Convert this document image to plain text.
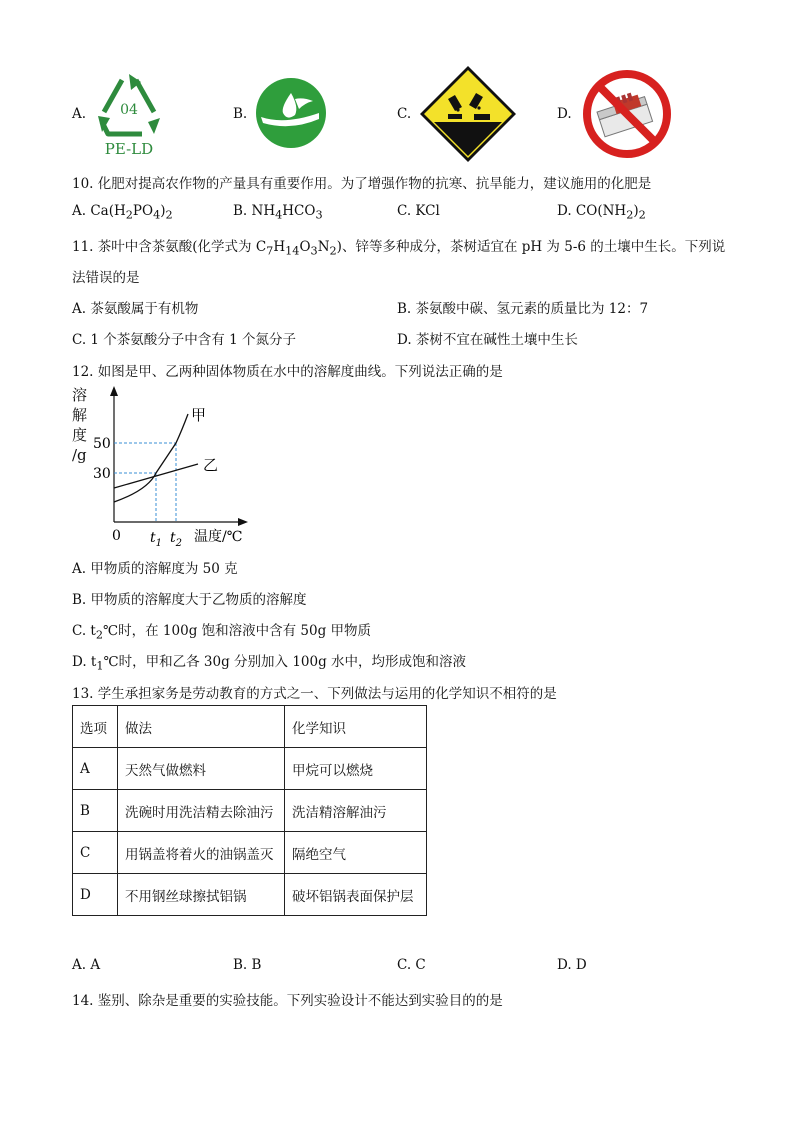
A. 04
PE-LD
B.	C.	D.
10. 化肥对提高农作物的产量具有重要作用。为了增强作物的抗寒、抗旱能力，建议施用的化肥是
A. $Ca(H_2PO_4)_2$	B. $NH_4HCO_3$	C. KCl	D. $CO(NH_2)_2$
11. 茶叶中含茶氨酸(化学式为 $C_7H_{14}O_3N_2$)、锌等多种成分，茶树适宜在 pH 为 5-6 的土壤中生长。下列说
法错误的是
A. 茶氨酸属于有机物	B. 茶氨酸中碳、氢元素的质量比为 12：7
C. 1 个茶氨酸分子中含有 1 个氮分子	D. 茶树不宜在碱性土壤中生长
12. 如图是甲、乙两种固体物质在水中的溶解度曲线。下列说法正确的是
溶
解
度
/g
50
30
0
甲
乙
$t_1$ $t_2$ 温度/℃
A. 甲物质的溶解度为 50 克
B. 甲物质的溶解度大于乙物质的溶解度
C. $t_2℃$时，在 100g 饱和溶液中含有 50g 甲物质
D. $t_1℃$时，甲和乙各 30g 分别加入 100g 水中，均形成饱和溶液
13. 学生承担家务是劳动教育的方式之一、下列做法与运用的化学知识不相符的是
选项	做法	化学知识
A	天然气做燃料	甲烷可以燃烧
B	洗碗时用洗洁精去除油污	洗洁精溶解油污
C	用锅盖将着火的油锅盖灭	隔绝空气
D	不用钢丝球擦拭铝锅	破坏铝锅表面保护层
A. A	B. B	C. C	D. D
14. 鉴别、除杂是重要的实验技能。下列实验设计不能达到实验目的的是
